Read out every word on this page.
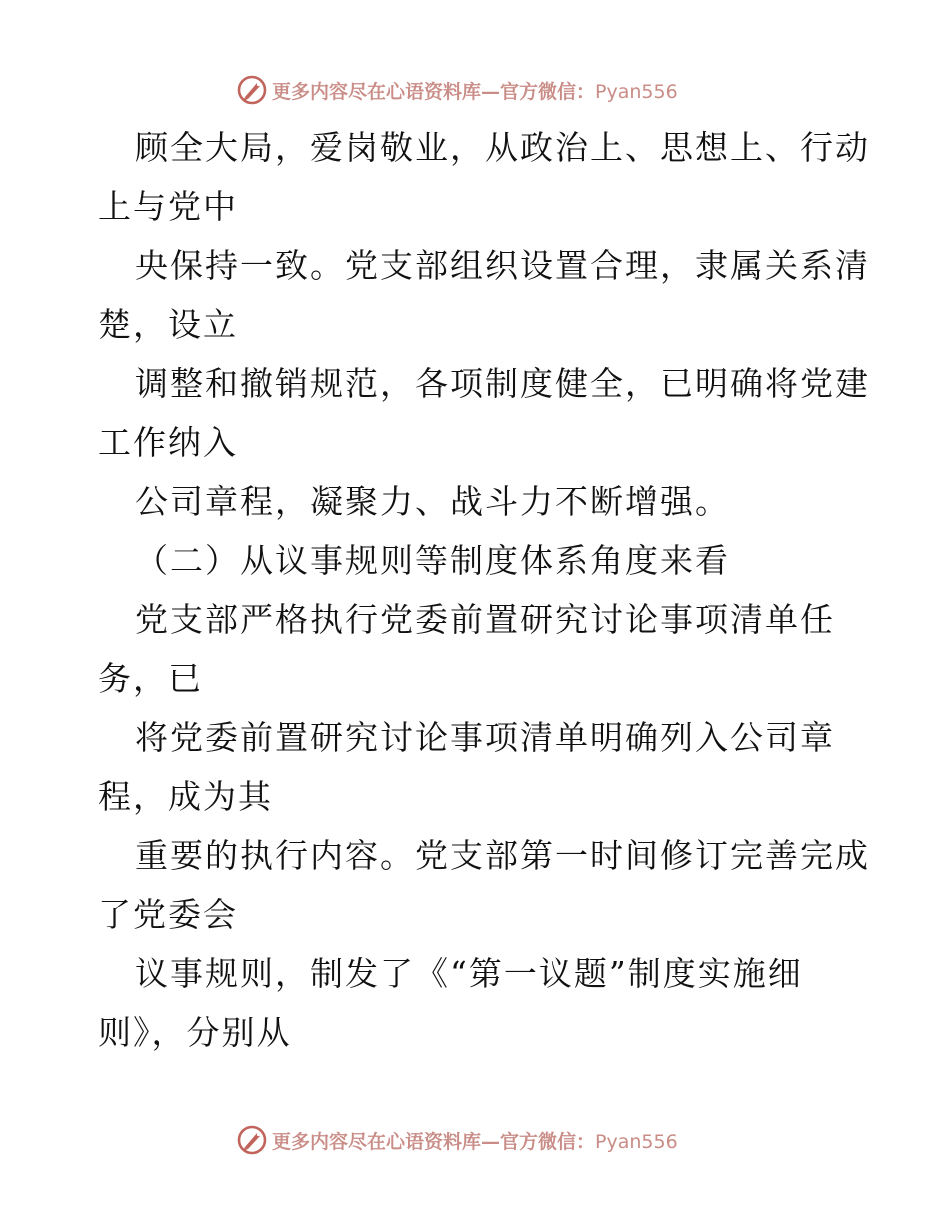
更多内容尽在心语资料库—官方微信：Pyan556
顾全大局，爱岗敬业，从政治上、思想上、行动
上与党中
央保持一致。党支部组织设置合理，隶属关系清
楚，设立
调整和撤销规范，各项制度健全，已明确将党建
工作纳入
公司章程，凝聚力、战斗力不断增强。
（二）从议事规则等制度体系角度来看
党支部严格执行党委前置研究讨论事项清单任
务，已
将党委前置研究讨论事项清单明确列入公司章
程，成为其
重要的执行内容。党支部第一时间修订完善完成
了党委会
议事规则，制发了《“第一议题”制度实施细
则》，分别从
更多内容尽在心语资料库—官方微信：Pyan556
